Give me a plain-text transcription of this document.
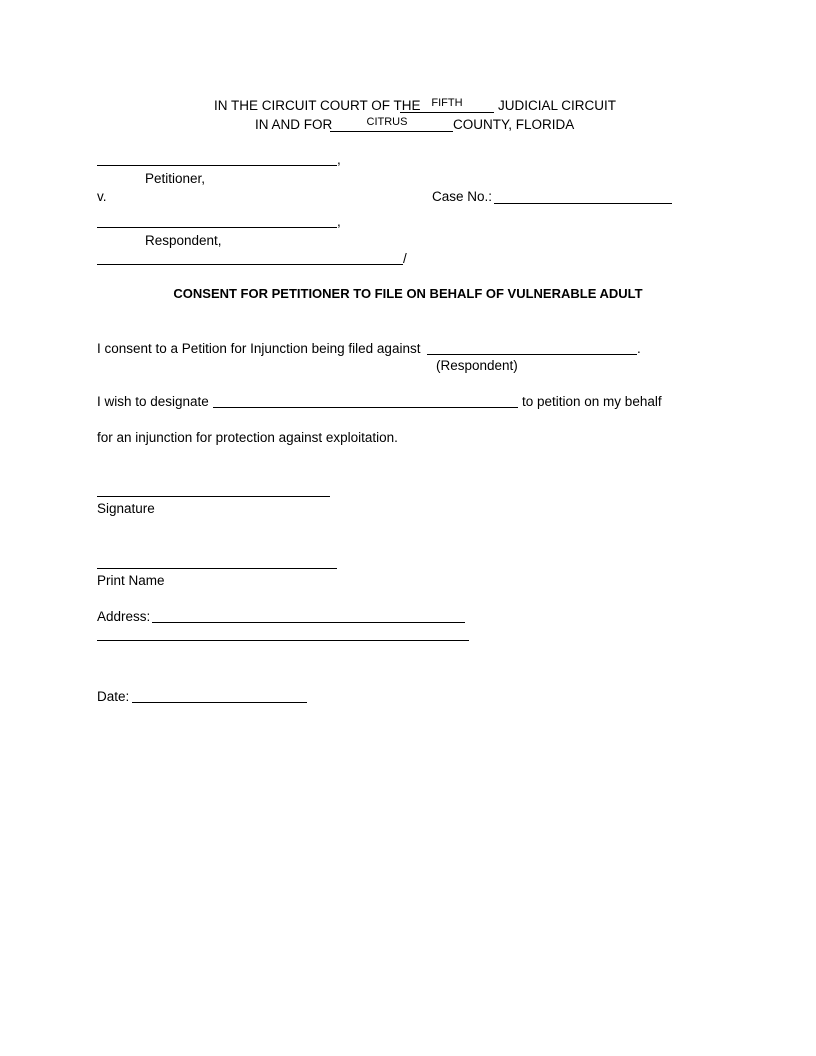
IN THE CIRCUIT COURT OF THE FIFTH	JUDICIAL CIRCUIT
IN AND FOR	CITRUS	COUNTY, FLORIDA
,
Petitioner,
v.	Case No.:
,
Respondent,
/
CONSENT FOR PETITIONER TO FILE ON BEHALF OF VULNERABLE ADULT
I consent to a Petition for Injunction being filed against	.
(Respondent)
I wish to designate	to petition on my behalf
for an injunction for protection against exploitation.
Signature
Print Name
Address:
Date:
